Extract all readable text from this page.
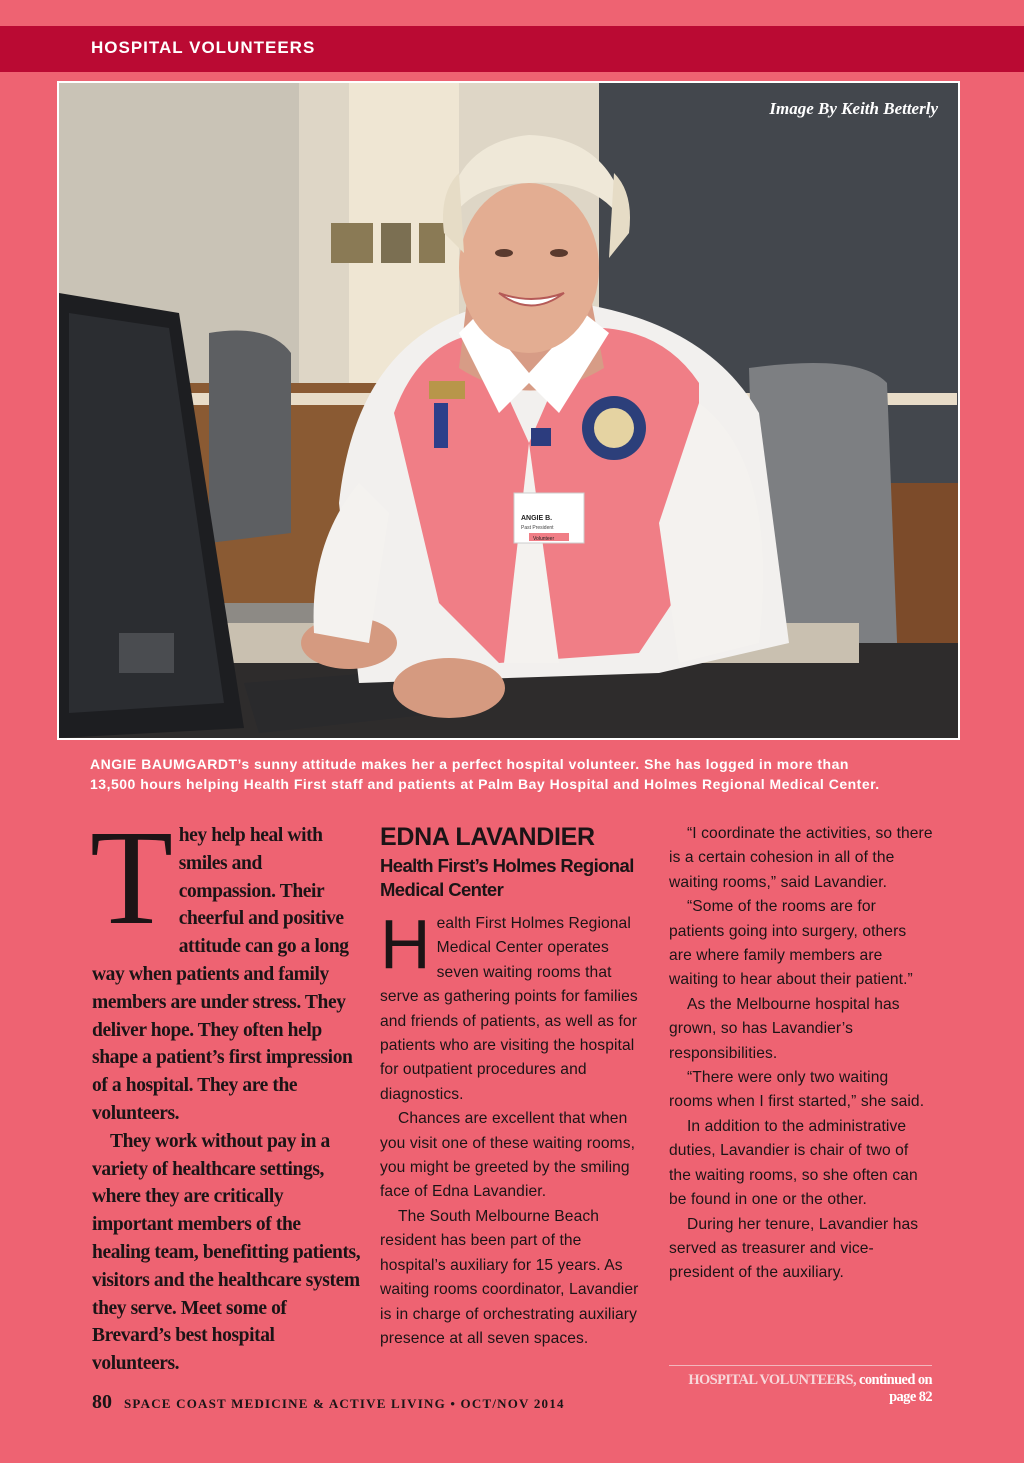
HOSPITAL VOLUNTEERS
ANGIE B.
Past President
Volunteer
Image By Keith Betterly
ANGIE BAUMGARDT’s sunny attitude makes her a perfect hospital volunteer. She has logged in more than
13,500 hours helping Health First staff and patients at Palm Bay Hospital and Holmes Regional Medical Center.
T hey help heal with smiles and compassion. Their cheerful and positive attitude can go a long way when patients and family members are under stress. They deliver hope. They often help shape a patient’s first impression of a hospital. They are the volunteers.

They work without pay in a variety of healthcare settings, where they are critically important members of the healing team, benefitting patients, visitors and the healthcare system they serve. Meet some of Brevard’s best hospital volunteers.

EDNA LAVANDIER
Health First’s Holmes Regional Medical Center
H ealth First Holmes Regional Medical Center operates seven waiting rooms that serve as gathering points for families and friends of patients, as well as for patients who are visiting the hospital for outpatient procedures and diagnostics.

Chances are excellent that when you visit one of these waiting rooms, you might be greeted by the smiling face of Edna Lavandier.

The South Melbourne Beach resident has been part of the hospital’s auxiliary for 15 years. As waiting rooms coordinator, Lavandier is in charge of orchestrating auxiliary presence at all seven spaces.

“I coordinate the activities, so there is a certain cohesion in all of the waiting rooms,” said Lavandier.

“Some of the rooms are for patients going into surgery, others are where family members are waiting to hear about their patient.”

As the Melbourne hospital has grown, so has Lavandier’s responsibilities.

“There were only two waiting rooms when I first started,” she said.

In addition to the administrative duties, Lavandier is chair of two of the waiting rooms, so she often can be found in one or the other.

During her tenure, Lavandier has served as treasurer and vice-president of the auxiliary.

HOSPITAL VOLUNTEERS, continued on page 82
80 SPACE COAST MEDICINE & ACTIVE LIVING • OCT/NOV 2014
